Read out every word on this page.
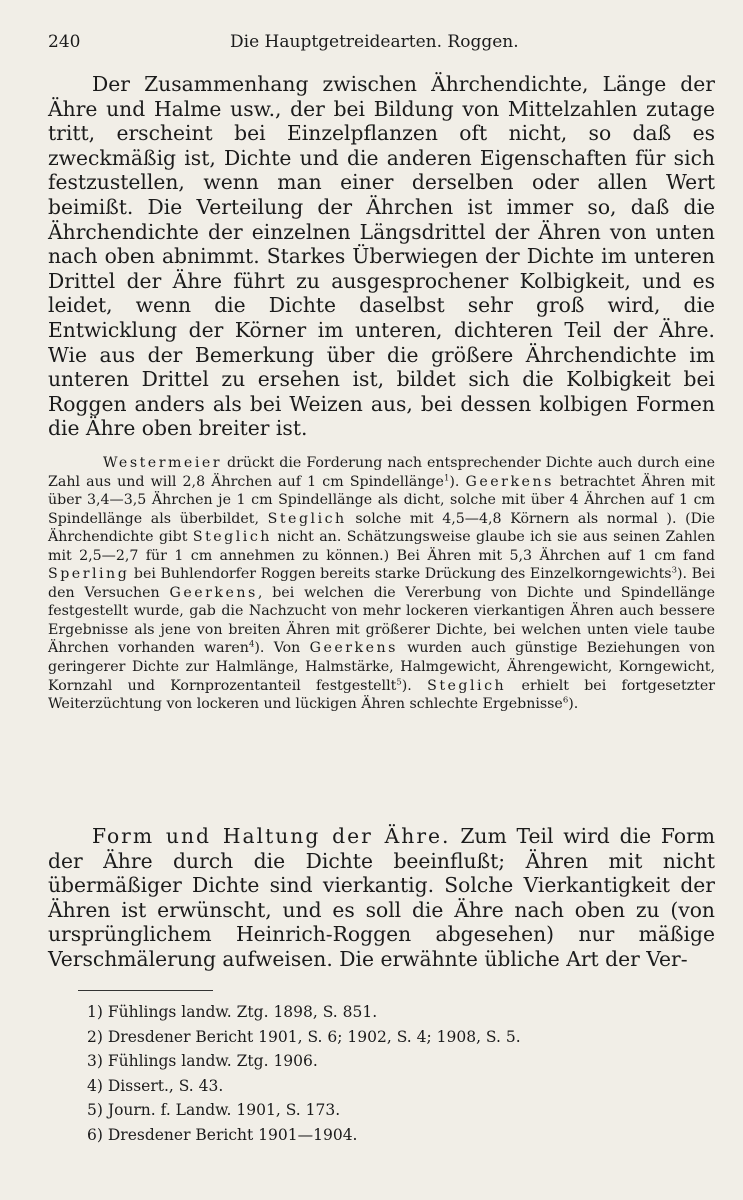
240	Die Hauptgetreidearten. Roggen.

Der Zusammenhang zwischen Ährchendichte, Länge der Ähre und Halme usw., der bei Bildung von Mittelzahlen zutage tritt, erscheint bei Einzelpflanzen oft nicht, so daß es zweckmäßig ist, Dichte und die anderen Eigenschaften für sich festzustellen, wenn man einer derselben oder allen Wert beimißt. Die Verteilung der Ährchen ist immer so, daß die Ährchendichte der einzelnen Längsdrittel der Ähren von unten nach oben abnimmt. Starkes Überwiegen der Dichte im unteren Drittel der Ähre führt zu ausgesprochener Kolbigkeit, und es leidet, wenn die Dichte daselbst sehr groß wird, die Entwicklung der Körner im unteren, dichteren Teil der Ähre. Wie aus der Bemerkung über die größere Ährchendichte im unteren Drittel zu ersehen ist, bildet sich die Kolbigkeit bei Roggen anders als bei Weizen aus, bei dessen kolbigen Formen die Ähre oben breiter ist.

Westermeier drückt die Forderung nach entsprechender Dichte auch durch eine Zahl aus und will 2,8 Ährchen auf 1 cm Spindellänge$^1$). Geerkens betrachtet Ähren mit über 3,4—3,5 Ährchen je 1 cm Spindellänge als dicht, solche mit über 4 Ährchen auf 1 cm Spindellänge als überbildet, Steglich solche mit 4,5—4,8 Körnern als normal ). (Die Ährchendichte gibt Steglich nicht an. Schätzungsweise glaube ich sie aus seinen Zahlen mit 2,5—2,7 für 1 cm annehmen zu können.) Bei Ähren mit 5,3 Ährchen auf 1 cm fand Sperling bei Buhlendorfer Roggen bereits starke Drückung des Einzelkorngewichts$^3$). Bei den Versuchen Geerkens, bei welchen die Vererbung von Dichte und Spindellänge festgestellt wurde, gab die Nachzucht von mehr lockeren vierkantigen Ähren auch bessere Ergebnisse als jene von breiten Ähren mit größerer Dichte, bei welchen unten viele taube Ährchen vorhanden waren$^4$). Von Geerkens wurden auch günstige Beziehungen von geringerer Dichte zur Halmlänge, Halmstärke, Halmgewicht, Ährengewicht, Korngewicht, Kornzahl und Kornprozentanteil festgestellt$^5$). Steglich erhielt bei fortgesetzter Weiterzüchtung von lockeren und lückigen Ähren schlechte Ergebnisse$^6$).

Form und Haltung der Ähre. Zum Teil wird die Form der Ähre durch die Dichte beeinflußt; Ähren mit nicht übermäßiger Dichte sind vierkantig. Solche Vierkantigkeit der Ähren ist erwünscht, und es soll die Ähre nach oben zu (von ursprünglichem Heinrich-Roggen abgesehen) nur mäßige Verschmälerung aufweisen. Die erwähnte übliche Art der Ver-

1) Fühlings landw. Ztg. 1898, S. 851.
2) Dresdener Bericht 1901, S. 6; 1902, S. 4; 1908, S. 5.
3) Fühlings landw. Ztg. 1906.
4) Dissert., S. 43.
5) Journ. f. Landw. 1901, S. 173.
6) Dresdener Bericht 1901—1904.
